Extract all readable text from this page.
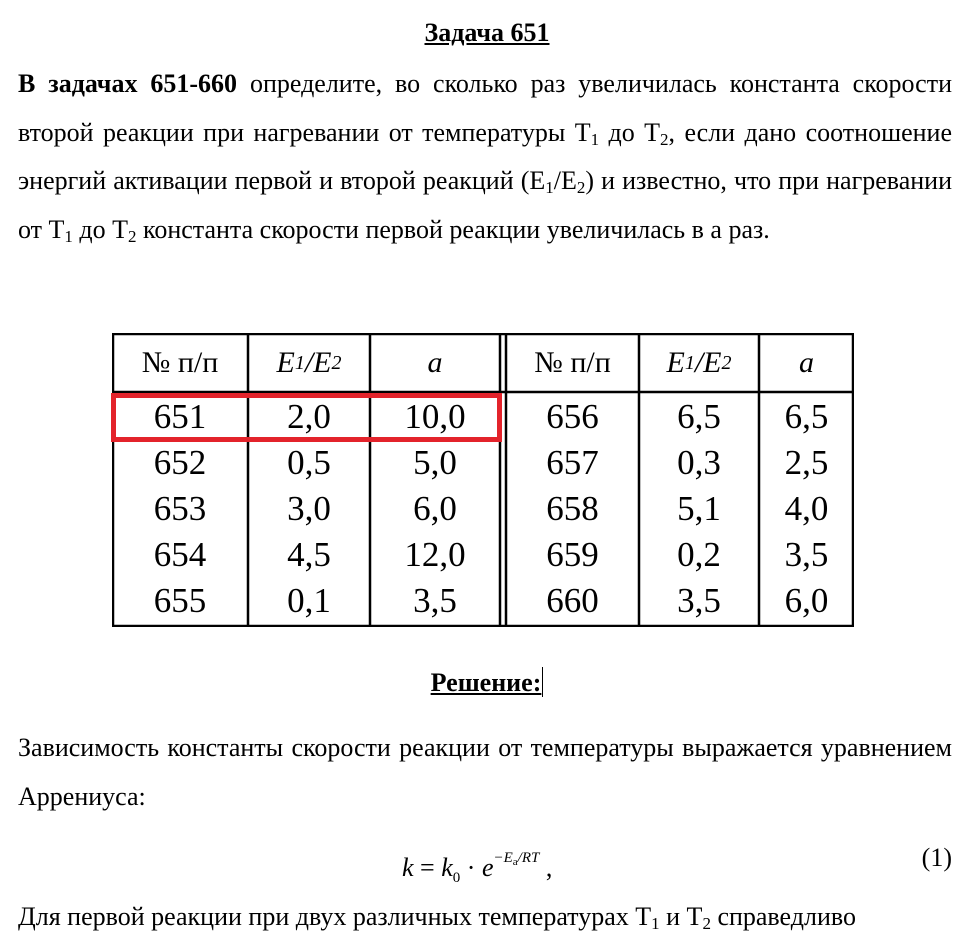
Задача 651
В задачах 651-660 определите, во сколько раз увеличилась константа скорости второй реакции при нагревании от температуры $Т_1$ до $Т_2$, если дано соотношение энергий активации первой и второй реакций $(Е_1/Е_2)$ и известно, что при нагревании от $Т_1$ до $Т_2$ константа скорости первой реакции увеличилась в a раз.
№ п/п	E 1 /E 2	a	№ п/п	E 1 /E 2	a
651	2,0	10,0	656	6,5	6,5
652	0,5	5,0	657	0,3	2,5
653	3,0	6,0	658	5,1	4,0
654	4,5	12,0	659	0,2	3,5
655	0,1	3,5	660	3,5	6,0
Решение:
Зависимость константы скорости реакции от температуры выражается уравнением Аррениуса:
$k = k_0 \cdot e^{-E_a/RT}$ ,	(1)
Для первой реакции при двух различных температурах $Т_1$ и $Т_2$ справедливо
